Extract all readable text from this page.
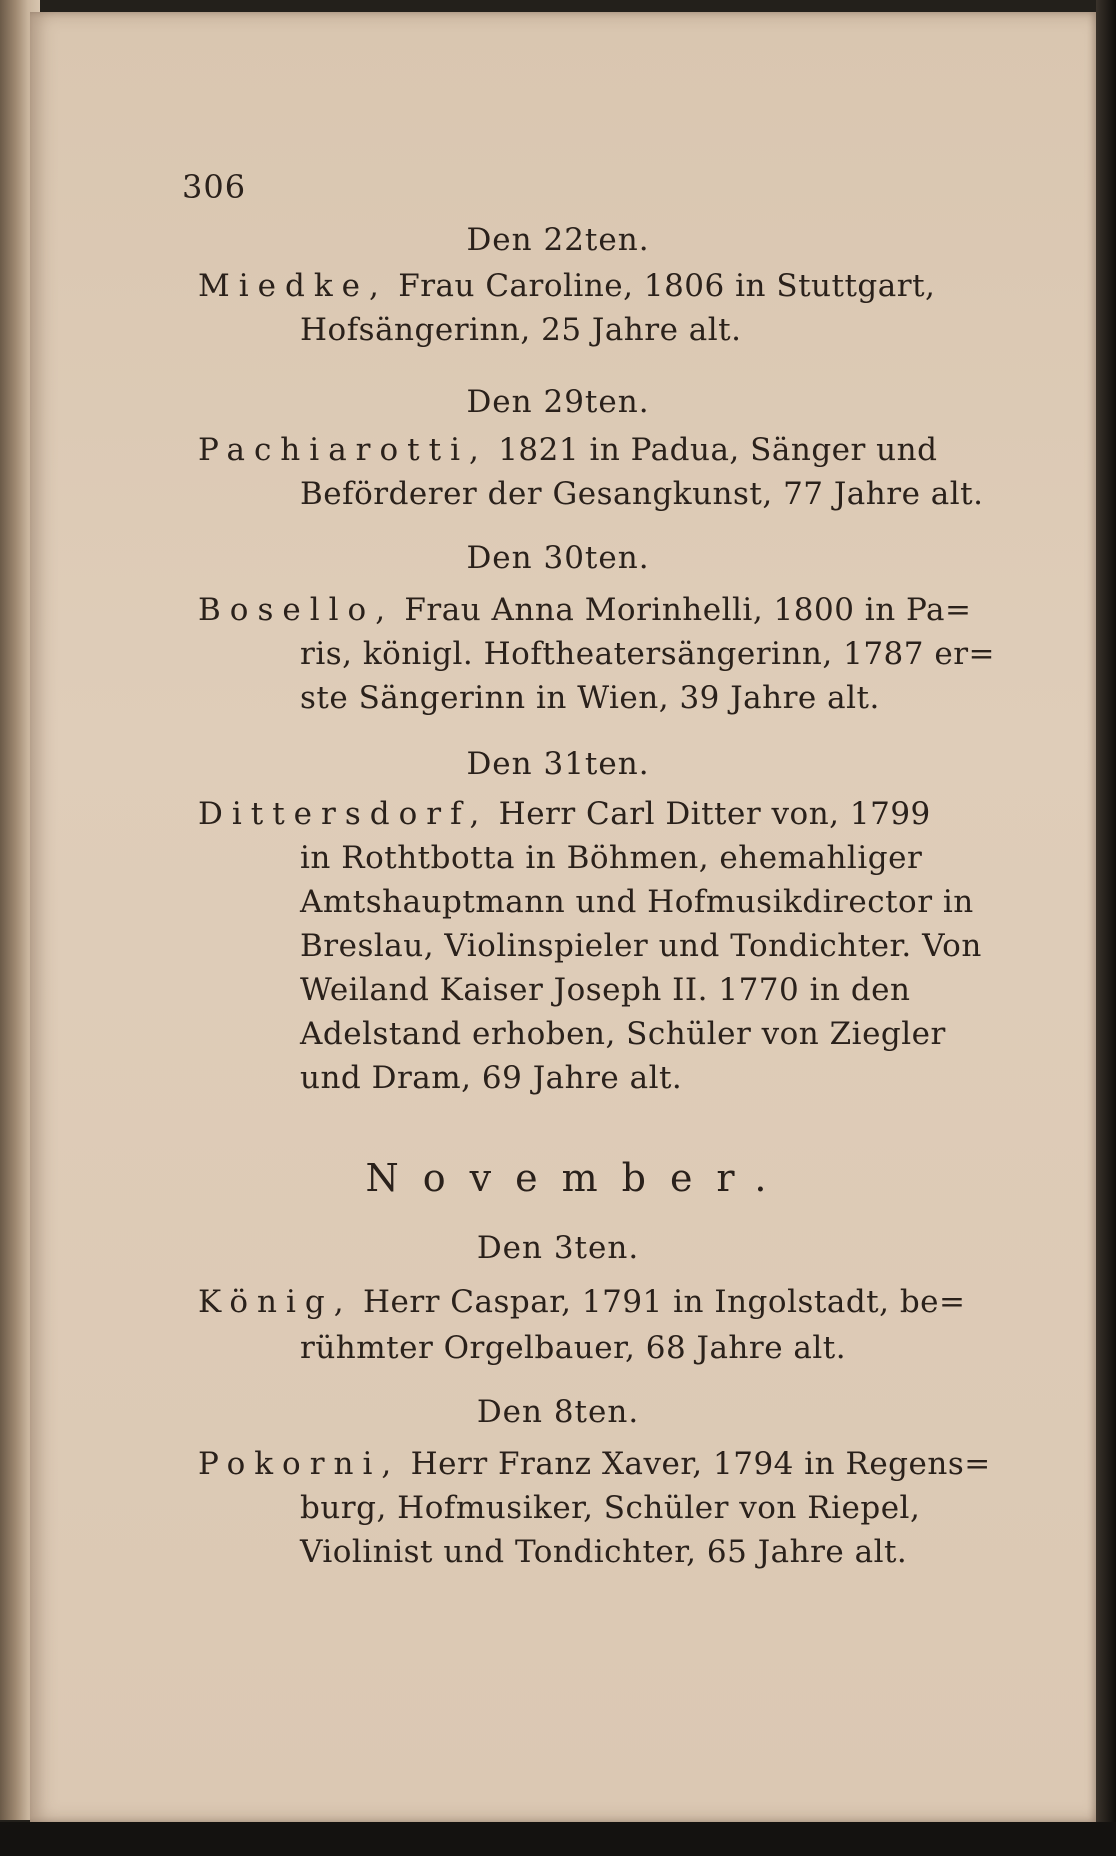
306
Den 22ten.
Miedke, Frau Caroline, 1806 in Stuttgart,
Hofsängerinn, 25 Jahre alt.
Den 29ten.
Pachiarotti, 1821 in Padua, Sänger und
Beförderer der Gesangkunst, 77 Jahre alt.
Den 30ten.
Bosello, Frau Anna Morinhelli, 1800 in Pa=
ris, königl. Hoftheatersängerinn, 1787 er=
ste Sängerinn in Wien, 39 Jahre alt.
Den 31ten.
Dittersdorf, Herr Carl Ditter von, 1799
in Rothtbotta in Böhmen, ehemahliger
Amtshauptmann und Hofmusikdirector in
Breslau, Violinspieler und Tondichter. Von
Weiland Kaiser Joseph II. 1770 in den
Adelstand erhoben, Schüler von Ziegler
und Dram, 69 Jahre alt.
November.
Den 3ten.
König, Herr Caspar, 1791 in Ingolstadt, be=
rühmter Orgelbauer, 68 Jahre alt.
Den 8ten.
Pokorni, Herr Franz Xaver, 1794 in Regens=
burg, Hofmusiker, Schüler von Riepel,
Violinist und Tondichter, 65 Jahre alt.
